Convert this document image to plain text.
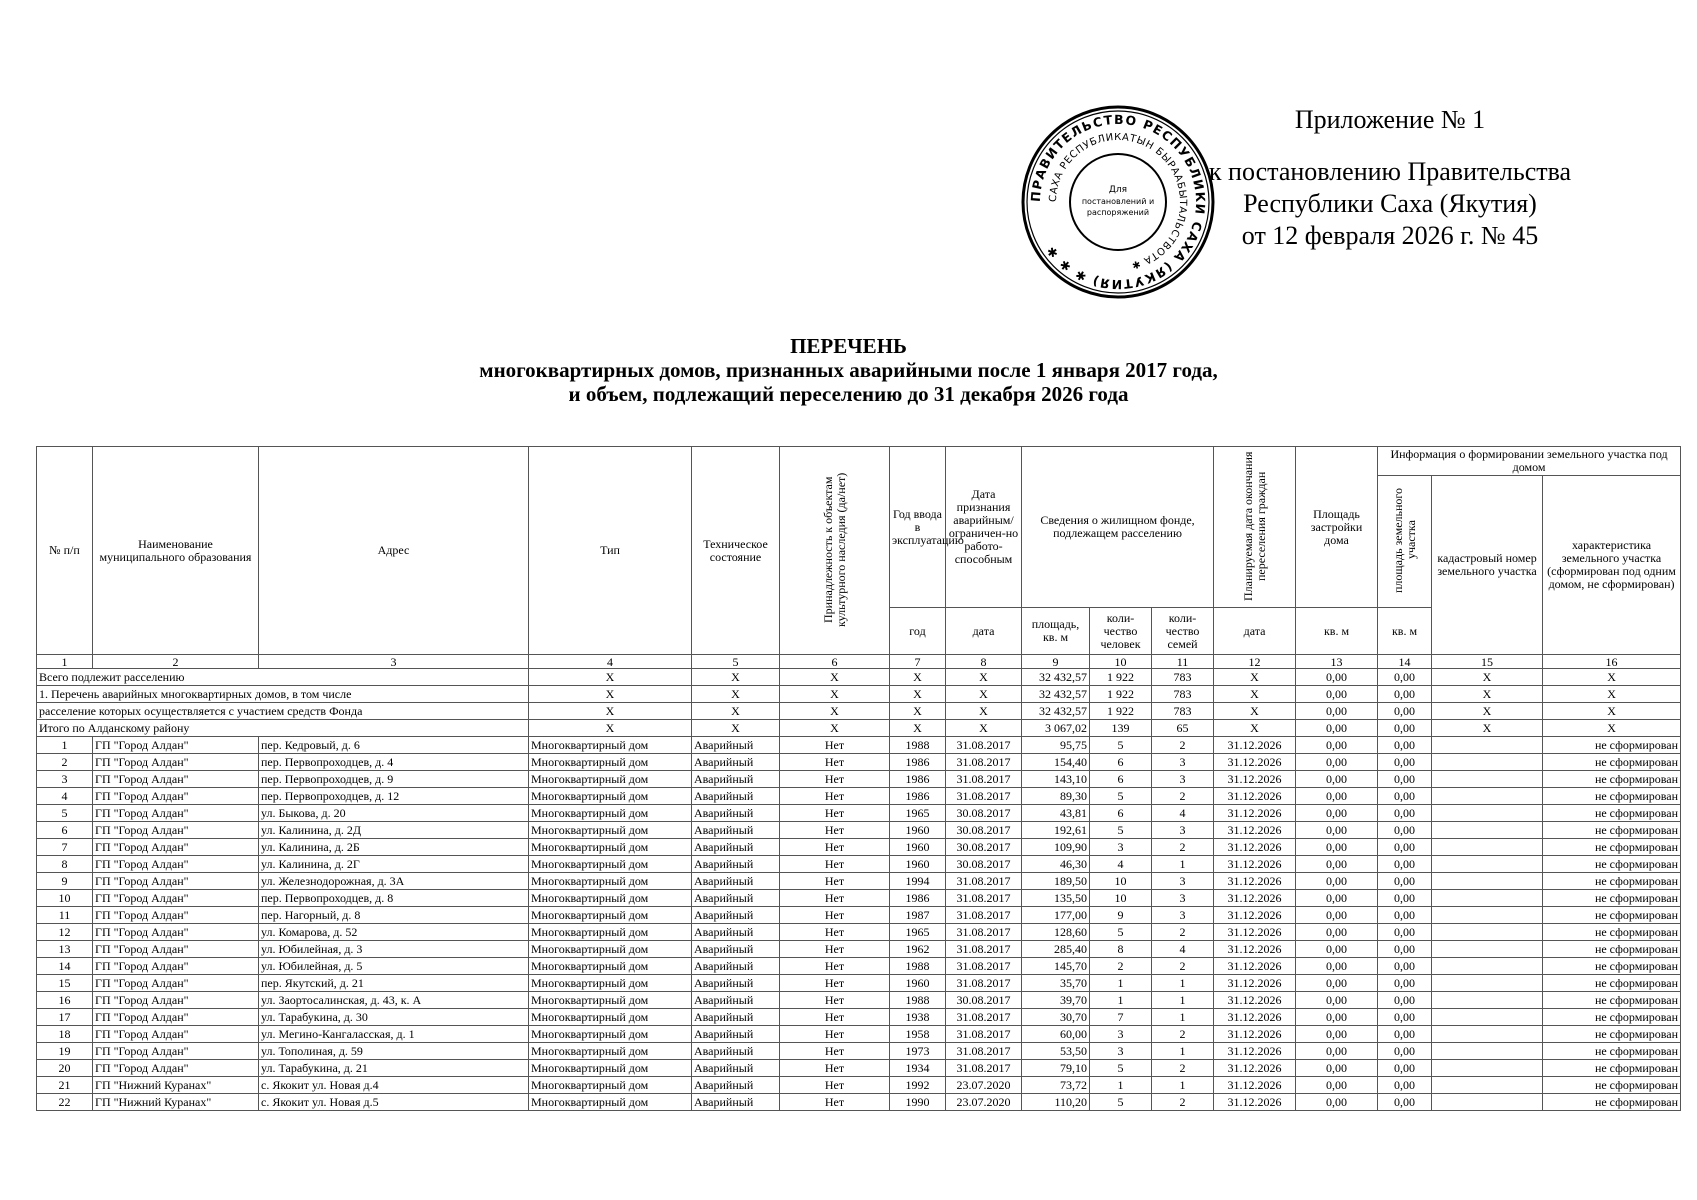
ПРАВИТЕЛЬСТВО РЕСПУБЛИКИ САХА (ЯКУТИЯ) ✱ ✱ ✱
САХА РЕСПУБЛИКАТЫН БЫРААБЫТАЛЬСТВОТА ✱
Для
постановлений и
распоряжений
Приложение № 1
к постановлению Правительства
Республики Саха (Якутия)
от 12 февраля 2026 г. № 45
ПЕРЕЧЕНЬ
многоквартирных домов, признанных аварийными после 1 января 2017 года,
и объем, подлежащий переселению до 31 декабря 2026 года
№ п/п	Наименование муниципального образования	Адрес	Тип	Техническое состояние	Принадлежность к объектам культурного наследия (да/нет)	Год ввода в эксплуатацию	Дата признания аварийным/ ограничен-но работо-способным	Сведения о жилищном фонде, подлежащем расселению			Планируемая дата окончания переселения граждан	Площадь застройки дома	Информация о формировании земельного участка под домом		
													площадь земельного участка	кадастровый номер земельного участка	характеристика земельного участка (сформирован под одним домом, не сформирован)
						год	дата	площадь, кв. м	коли-чество человек	коли-чество семей	дата	кв. м	кв. м		
1	2	3	4	5	6	7	8	9	10	11	12	13	14	15	16
Всего подлежит расселению			X	X	X	X	X	32 432,57	1 922	783	X	0,00	0,00	X	X
1. Перечень аварийных многоквартирных домов, в том числе			X	X	X	X	X	32 432,57	1 922	783	X	0,00	0,00	X	X
расселение которых осуществляется с участием средств Фонда			X	X	X	X	X	32 432,57	1 922	783	X	0,00	0,00	X	X
Итого по Алданскому району			X	X	X	X	X	3 067,02	139	65	X	0,00	0,00	X	X
1	ГП "Город Алдан"	пер. Кедровый, д. 6	Многоквартирный дом	Аварийный	Нет	1988	31.08.2017	95,75	5	2	31.12.2026	0,00	0,00		не сформирован
2	ГП "Город Алдан"	пер. Первопроходцев, д. 4	Многоквартирный дом	Аварийный	Нет	1986	31.08.2017	154,40	6	3	31.12.2026	0,00	0,00		не сформирован
3	ГП "Город Алдан"	пер. Первопроходцев, д. 9	Многоквартирный дом	Аварийный	Нет	1986	31.08.2017	143,10	6	3	31.12.2026	0,00	0,00		не сформирован
4	ГП "Город Алдан"	пер. Первопроходцев, д. 12	Многоквартирный дом	Аварийный	Нет	1986	31.08.2017	89,30	5	2	31.12.2026	0,00	0,00		не сформирован
5	ГП "Город Алдан"	ул. Быкова, д. 20	Многоквартирный дом	Аварийный	Нет	1965	30.08.2017	43,81	6	4	31.12.2026	0,00	0,00		не сформирован
6	ГП "Город Алдан"	ул. Калинина, д. 2Д	Многоквартирный дом	Аварийный	Нет	1960	30.08.2017	192,61	5	3	31.12.2026	0,00	0,00		не сформирован
7	ГП "Город Алдан"	ул. Калинина, д. 2Б	Многоквартирный дом	Аварийный	Нет	1960	30.08.2017	109,90	3	2	31.12.2026	0,00	0,00		не сформирован
8	ГП "Город Алдан"	ул. Калинина, д. 2Г	Многоквартирный дом	Аварийный	Нет	1960	30.08.2017	46,30	4	1	31.12.2026	0,00	0,00		не сформирован
9	ГП "Город Алдан"	ул. Железнодорожная, д. 3А	Многоквартирный дом	Аварийный	Нет	1994	31.08.2017	189,50	10	3	31.12.2026	0,00	0,00		не сформирован
10	ГП "Город Алдан"	пер. Первопроходцев, д. 8	Многоквартирный дом	Аварийный	Нет	1986	31.08.2017	135,50	10	3	31.12.2026	0,00	0,00		не сформирован
11	ГП "Город Алдан"	пер. Нагорный, д. 8	Многоквартирный дом	Аварийный	Нет	1987	31.08.2017	177,00	9	3	31.12.2026	0,00	0,00		не сформирован
12	ГП "Город Алдан"	ул. Комарова, д. 52	Многоквартирный дом	Аварийный	Нет	1965	31.08.2017	128,60	5	2	31.12.2026	0,00	0,00		не сформирован
13	ГП "Город Алдан"	ул. Юбилейная, д. 3	Многоквартирный дом	Аварийный	Нет	1962	31.08.2017	285,40	8	4	31.12.2026	0,00	0,00		не сформирован
14	ГП "Город Алдан"	ул. Юбилейная, д. 5	Многоквартирный дом	Аварийный	Нет	1988	31.08.2017	145,70	2	2	31.12.2026	0,00	0,00		не сформирован
15	ГП "Город Алдан"	пер. Якутский, д. 21	Многоквартирный дом	Аварийный	Нет	1960	31.08.2017	35,70	1	1	31.12.2026	0,00	0,00		не сформирован
16	ГП "Город Алдан"	ул. Заортосалинская, д. 43, к. А	Многоквартирный дом	Аварийный	Нет	1988	30.08.2017	39,70	1	1	31.12.2026	0,00	0,00		не сформирован
17	ГП "Город Алдан"	ул. Тарабукина, д. 30	Многоквартирный дом	Аварийный	Нет	1938	31.08.2017	30,70	7	1	31.12.2026	0,00	0,00		не сформирован
18	ГП "Город Алдан"	ул. Мегино-Кангаласская, д. 1	Многоквартирный дом	Аварийный	Нет	1958	31.08.2017	60,00	3	2	31.12.2026	0,00	0,00		не сформирован
19	ГП "Город Алдан"	ул. Тополиная, д. 59	Многоквартирный дом	Аварийный	Нет	1973	31.08.2017	53,50	3	1	31.12.2026	0,00	0,00		не сформирован
20	ГП "Город Алдан"	ул. Тарабукина, д. 21	Многоквартирный дом	Аварийный	Нет	1934	31.08.2017	79,10	5	2	31.12.2026	0,00	0,00		не сформирован
21	ГП "Нижний Куранах"	с. Якокит ул. Новая д.4	Многоквартирный дом	Аварийный	Нет	1992	23.07.2020	73,72	1	1	31.12.2026	0,00	0,00		не сформирован
22	ГП "Нижний Куранах"	с. Якокит ул. Новая д.5	Многоквартирный дом	Аварийный	Нет	1990	23.07.2020	110,20	5	2	31.12.2026	0,00	0,00		не сформирован
